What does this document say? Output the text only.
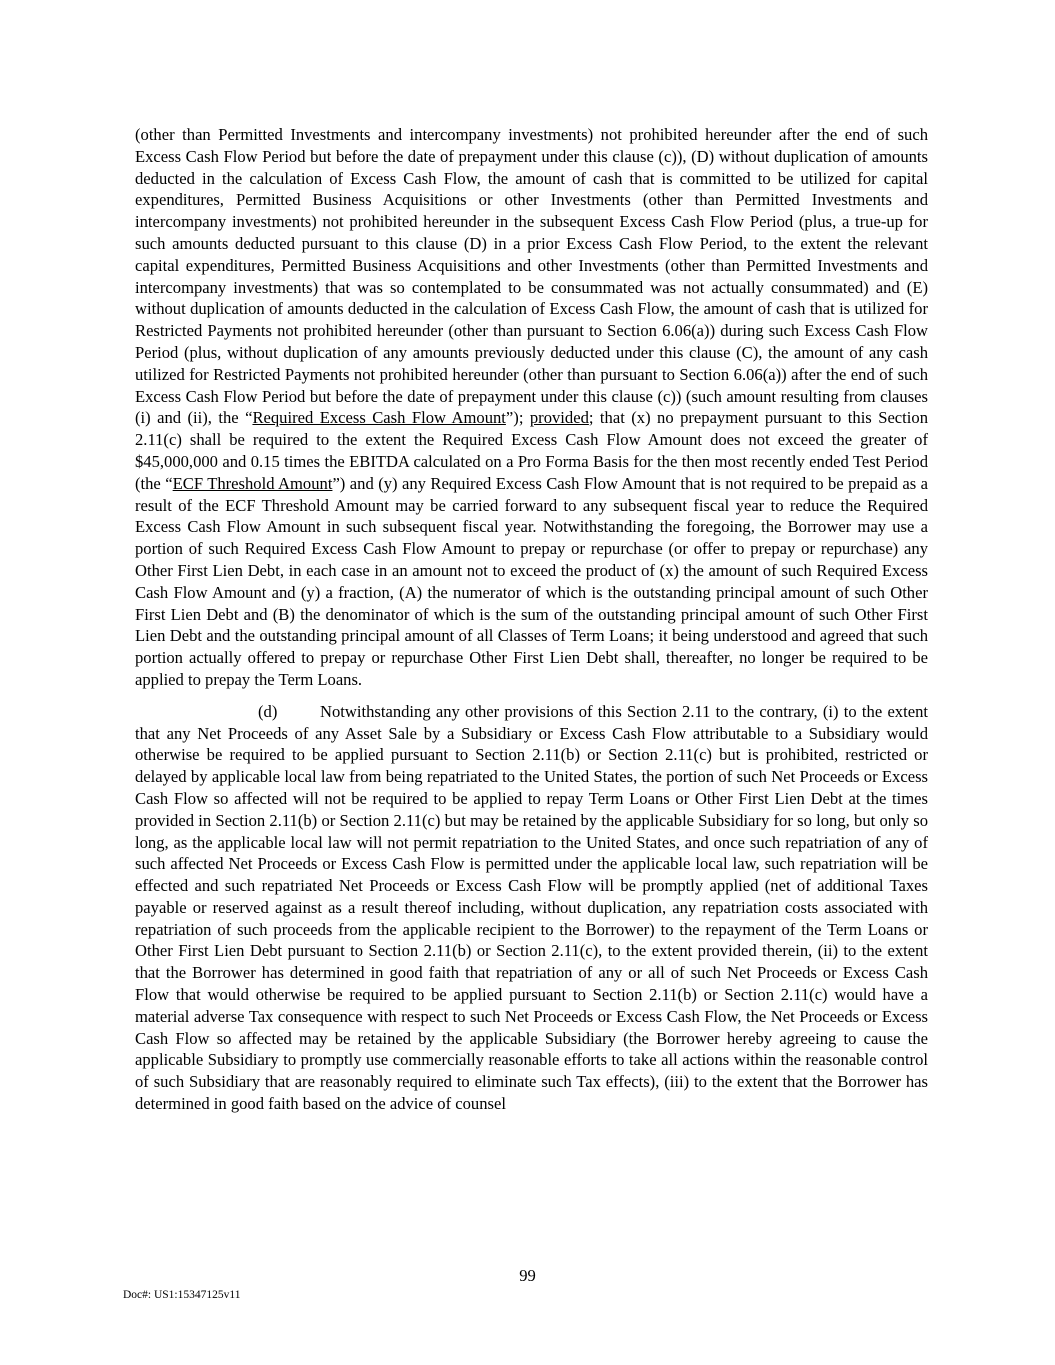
(other than Permitted Investments and intercompany investments) not prohibited hereunder after the end of such Excess Cash Flow Period but before the date of prepayment under this clause (c)), (D) without duplication of amounts deducted in the calculation of Excess Cash Flow, the amount of cash that is committed to be utilized for capital expenditures, Permitted Business Acquisitions or other Investments (other than Permitted Investments and intercompany investments) not prohibited hereunder in the subsequent Excess Cash Flow Period (plus, a true-up for such amounts deducted pursuant to this clause (D) in a prior Excess Cash Flow Period, to the extent the relevant capital expenditures, Permitted Business Acquisitions and other Investments (other than Permitted Investments and intercompany investments) that was so contemplated to be consummated was not actually consummated) and (E) without duplication of amounts deducted in the calculation of Excess Cash Flow, the amount of cash that is utilized for Restricted Payments not prohibited hereunder (other than pursuant to Section 6.06(a)) during such Excess Cash Flow Period (plus, without duplication of any amounts previously deducted under this clause (C), the amount of any cash utilized for Restricted Payments not prohibited hereunder (other than pursuant to Section 6.06(a)) after the end of such Excess Cash Flow Period but before the date of prepayment under this clause (c)) (such amount resulting from clauses (i) and (ii), the “Required Excess Cash Flow Amount”); provided; that (x) no prepayment pursuant to this Section 2.11(c) shall be required to the extent the Required Excess Cash Flow Amount does not exceed the greater of $45,000,000 and 0.15 times the EBITDA calculated on a Pro Forma Basis for the then most recently ended Test Period (the “ECF Threshold Amount”) and (y) any Required Excess Cash Flow Amount that is not required to be prepaid as a result of the ECF Threshold Amount may be carried forward to any subsequent fiscal year to reduce the Required Excess Cash Flow Amount in such subsequent fiscal year. Notwithstanding the foregoing, the Borrower may use a portion of such Required Excess Cash Flow Amount to prepay or repurchase (or offer to prepay or repurchase) any Other First Lien Debt, in each case in an amount not to exceed the product of (x) the amount of such Required Excess Cash Flow Amount and (y) a fraction, (A) the numerator of which is the outstanding principal amount of such Other First Lien Debt and (B) the denominator of which is the sum of the outstanding principal amount of such Other First Lien Debt and the outstanding principal amount of all Classes of Term Loans; it being understood and agreed that such portion actually offered to prepay or repurchase Other First Lien Debt shall, thereafter, no longer be required to be applied to prepay the Term Loans.

(d)	Notwithstanding any other provisions of this Section 2.11 to the contrary, (i) to the extent that any Net Proceeds of any Asset Sale by a Subsidiary or Excess Cash Flow attributable to a Subsidiary would otherwise be required to be applied pursuant to Section 2.11(b) or Section 2.11(c) but is prohibited, restricted or delayed by applicable local law from being repatriated to the United States, the portion of such Net Proceeds or Excess Cash Flow so affected will not be required to be applied to repay Term Loans or Other First Lien Debt at the times provided in Section 2.11(b) or Section 2.11(c) but may be retained by the applicable Subsidiary for so long, but only so long, as the applicable local law will not permit repatriation to the United States, and once such repatriation of any of such affected Net Proceeds or Excess Cash Flow is permitted under the applicable local law, such repatriation will be effected and such repatriated Net Proceeds or Excess Cash Flow will be promptly applied (net of additional Taxes payable or reserved against as a result thereof including, without duplication, any repatriation costs associated with repatriation of such proceeds from the applicable recipient to the Borrower) to the repayment of the Term Loans or Other First Lien Debt pursuant to Section 2.11(b) or Section 2.11(c), to the extent provided therein, (ii) to the extent that the Borrower has determined in good faith that repatriation of any or all of such Net Proceeds or Excess Cash Flow that would otherwise be required to be applied pursuant to Section 2.11(b) or Section 2.11(c) would have a material adverse Tax consequence with respect to such Net Proceeds or Excess Cash Flow, the Net Proceeds or Excess Cash Flow so affected may be retained by the applicable Subsidiary (the Borrower hereby agreeing to cause the applicable Subsidiary to promptly use commercially reasonable efforts to take all actions within the reasonable control of such Subsidiary that are reasonably required to eliminate such Tax effects), (iii) to the extent that the Borrower has determined in good faith based on the advice of counsel

99
Doc#: US1:15347125v11
